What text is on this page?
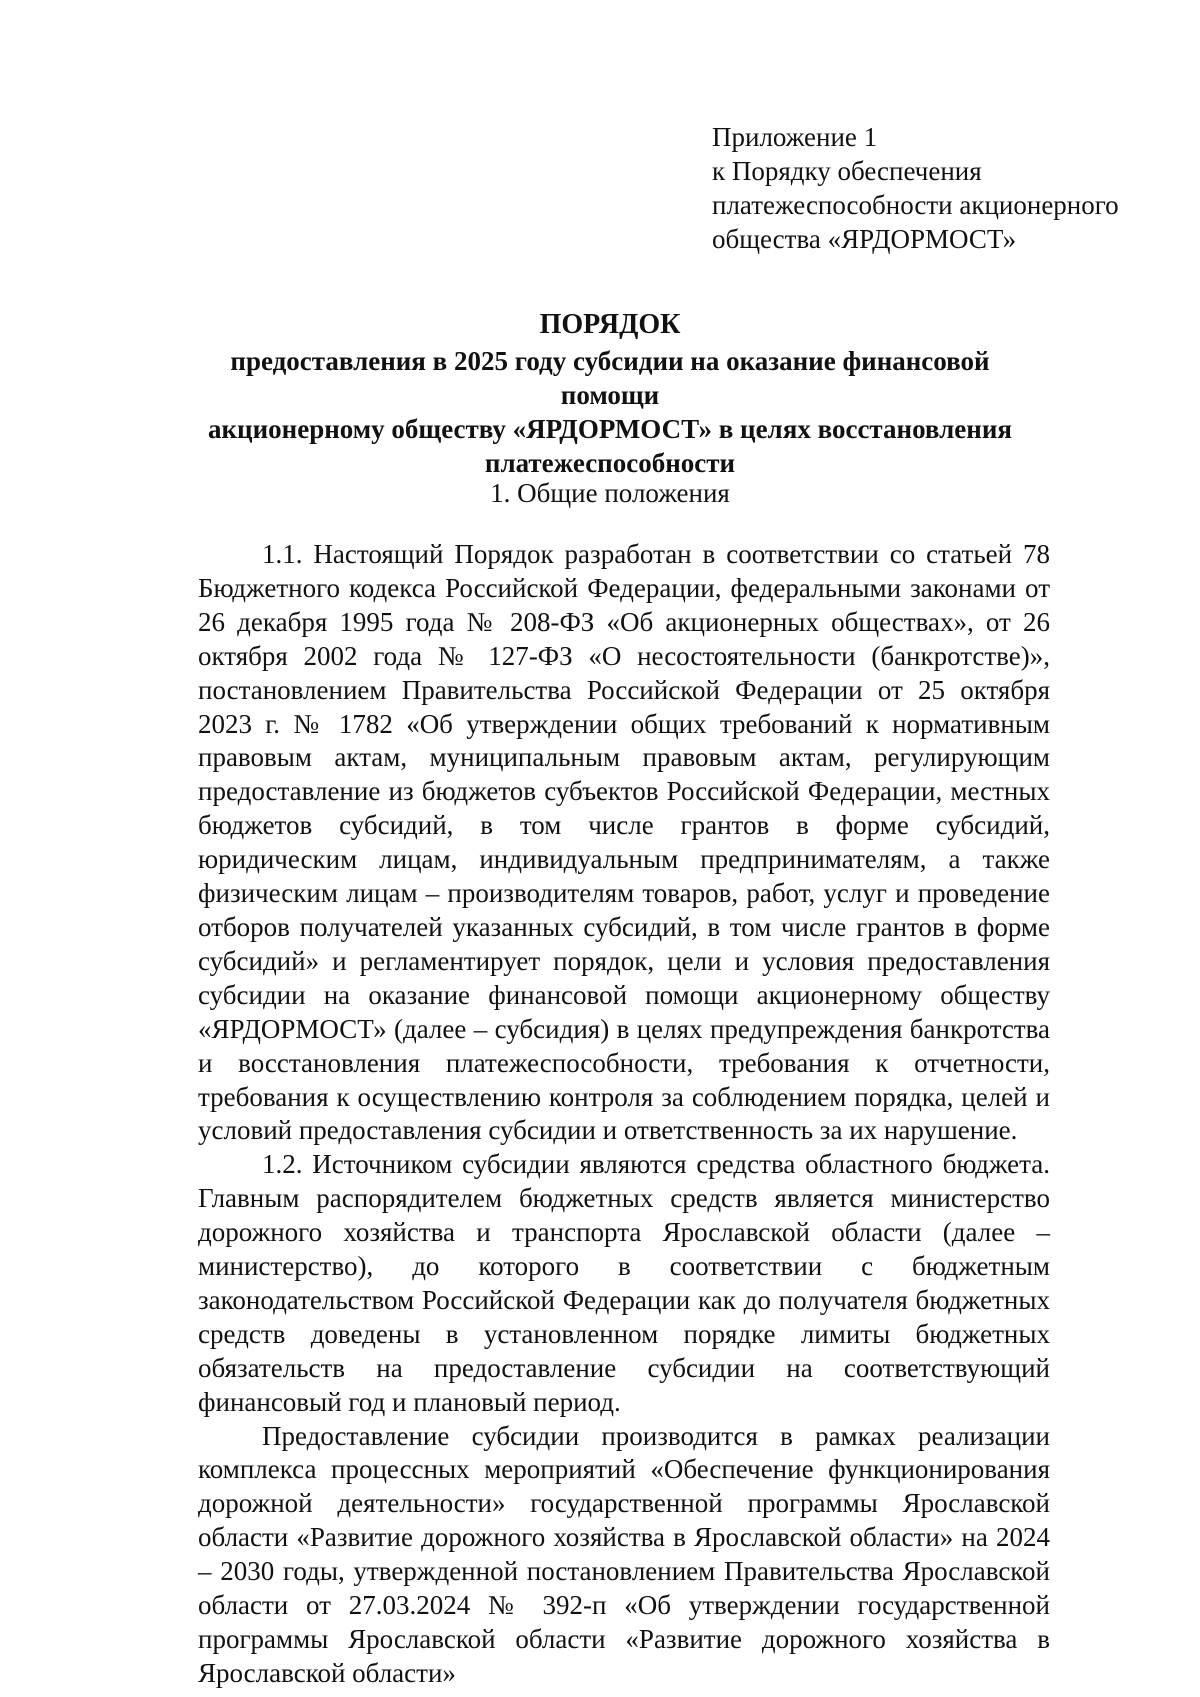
Приложение 1
к Порядку обеспечения
платежеспособности акционерного
общества «ЯРДОРМОСТ»
ПОРЯДОК
предоставления в 2025 году субсидии на оказание финансовой помощи
акционерному обществу «ЯРДОРМОСТ» в целях восстановления
платежеспособности
1. Общие положения

1.1. Настоящий Порядок разработан в соответствии со статьей 78 Бюджетного кодекса Российской Федерации, федеральными законами от 26 декабря 1995 года № 208-ФЗ «Об акционерных обществах», от 26 октября 2002 года № 127-ФЗ «О несостоятельности (банкротстве)», постановлением Правительства Российской Федерации от 25 октября 2023 г. № 1782 «Об утверждении общих требований к нормативным правовым актам, муниципальным правовым актам, регулирующим предоставление из бюджетов субъектов Российской Федерации, местных бюджетов субсидий, в том числе грантов в форме субсидий, юридическим лицам, индивидуальным предпринимателям, а также физическим лицам – производителям товаров, работ, услуг и проведение отборов получателей указанных субсидий, в том числе грантов в форме субсидий» и регламентирует порядок, цели и условия предоставления субсидии на оказание финансовой помощи акционерному обществу «ЯРДОРМОСТ» (далее – субсидия) в целях предупреждения банкротства и восстановления платежеспособности, требования к отчетности, требования к осуществлению контроля за соблюдением порядка, целей и условий предоставления субсидии и ответственность за их нарушение.

1.2. Источником субсидии являются средства областного бюджета. Главным распорядителем бюджетных средств является министерство дорожного хозяйства и транспорта Ярославской области (далее – министерство), до которого в соответствии с бюджетным законодательством Российской Федерации как до получателя бюджетных средств доведены в установленном порядке лимиты бюджетных обязательств на предоставление субсидии на соответствующий финансовый год и плановый период.

Предоставление субсидии производится в рамках реализации комплекса процессных мероприятий «Обеспечение функционирования дорожной деятельности» государственной программы Ярославской области «Развитие дорожного хозяйства в Ярославской области» на 2024 – 2030 годы, утвержденной постановлением Правительства Ярославской области от 27.03.2024 № 392-п «Об утверждении государственной программы Ярославской области «Развитие дорожного хозяйства в Ярославской области»
